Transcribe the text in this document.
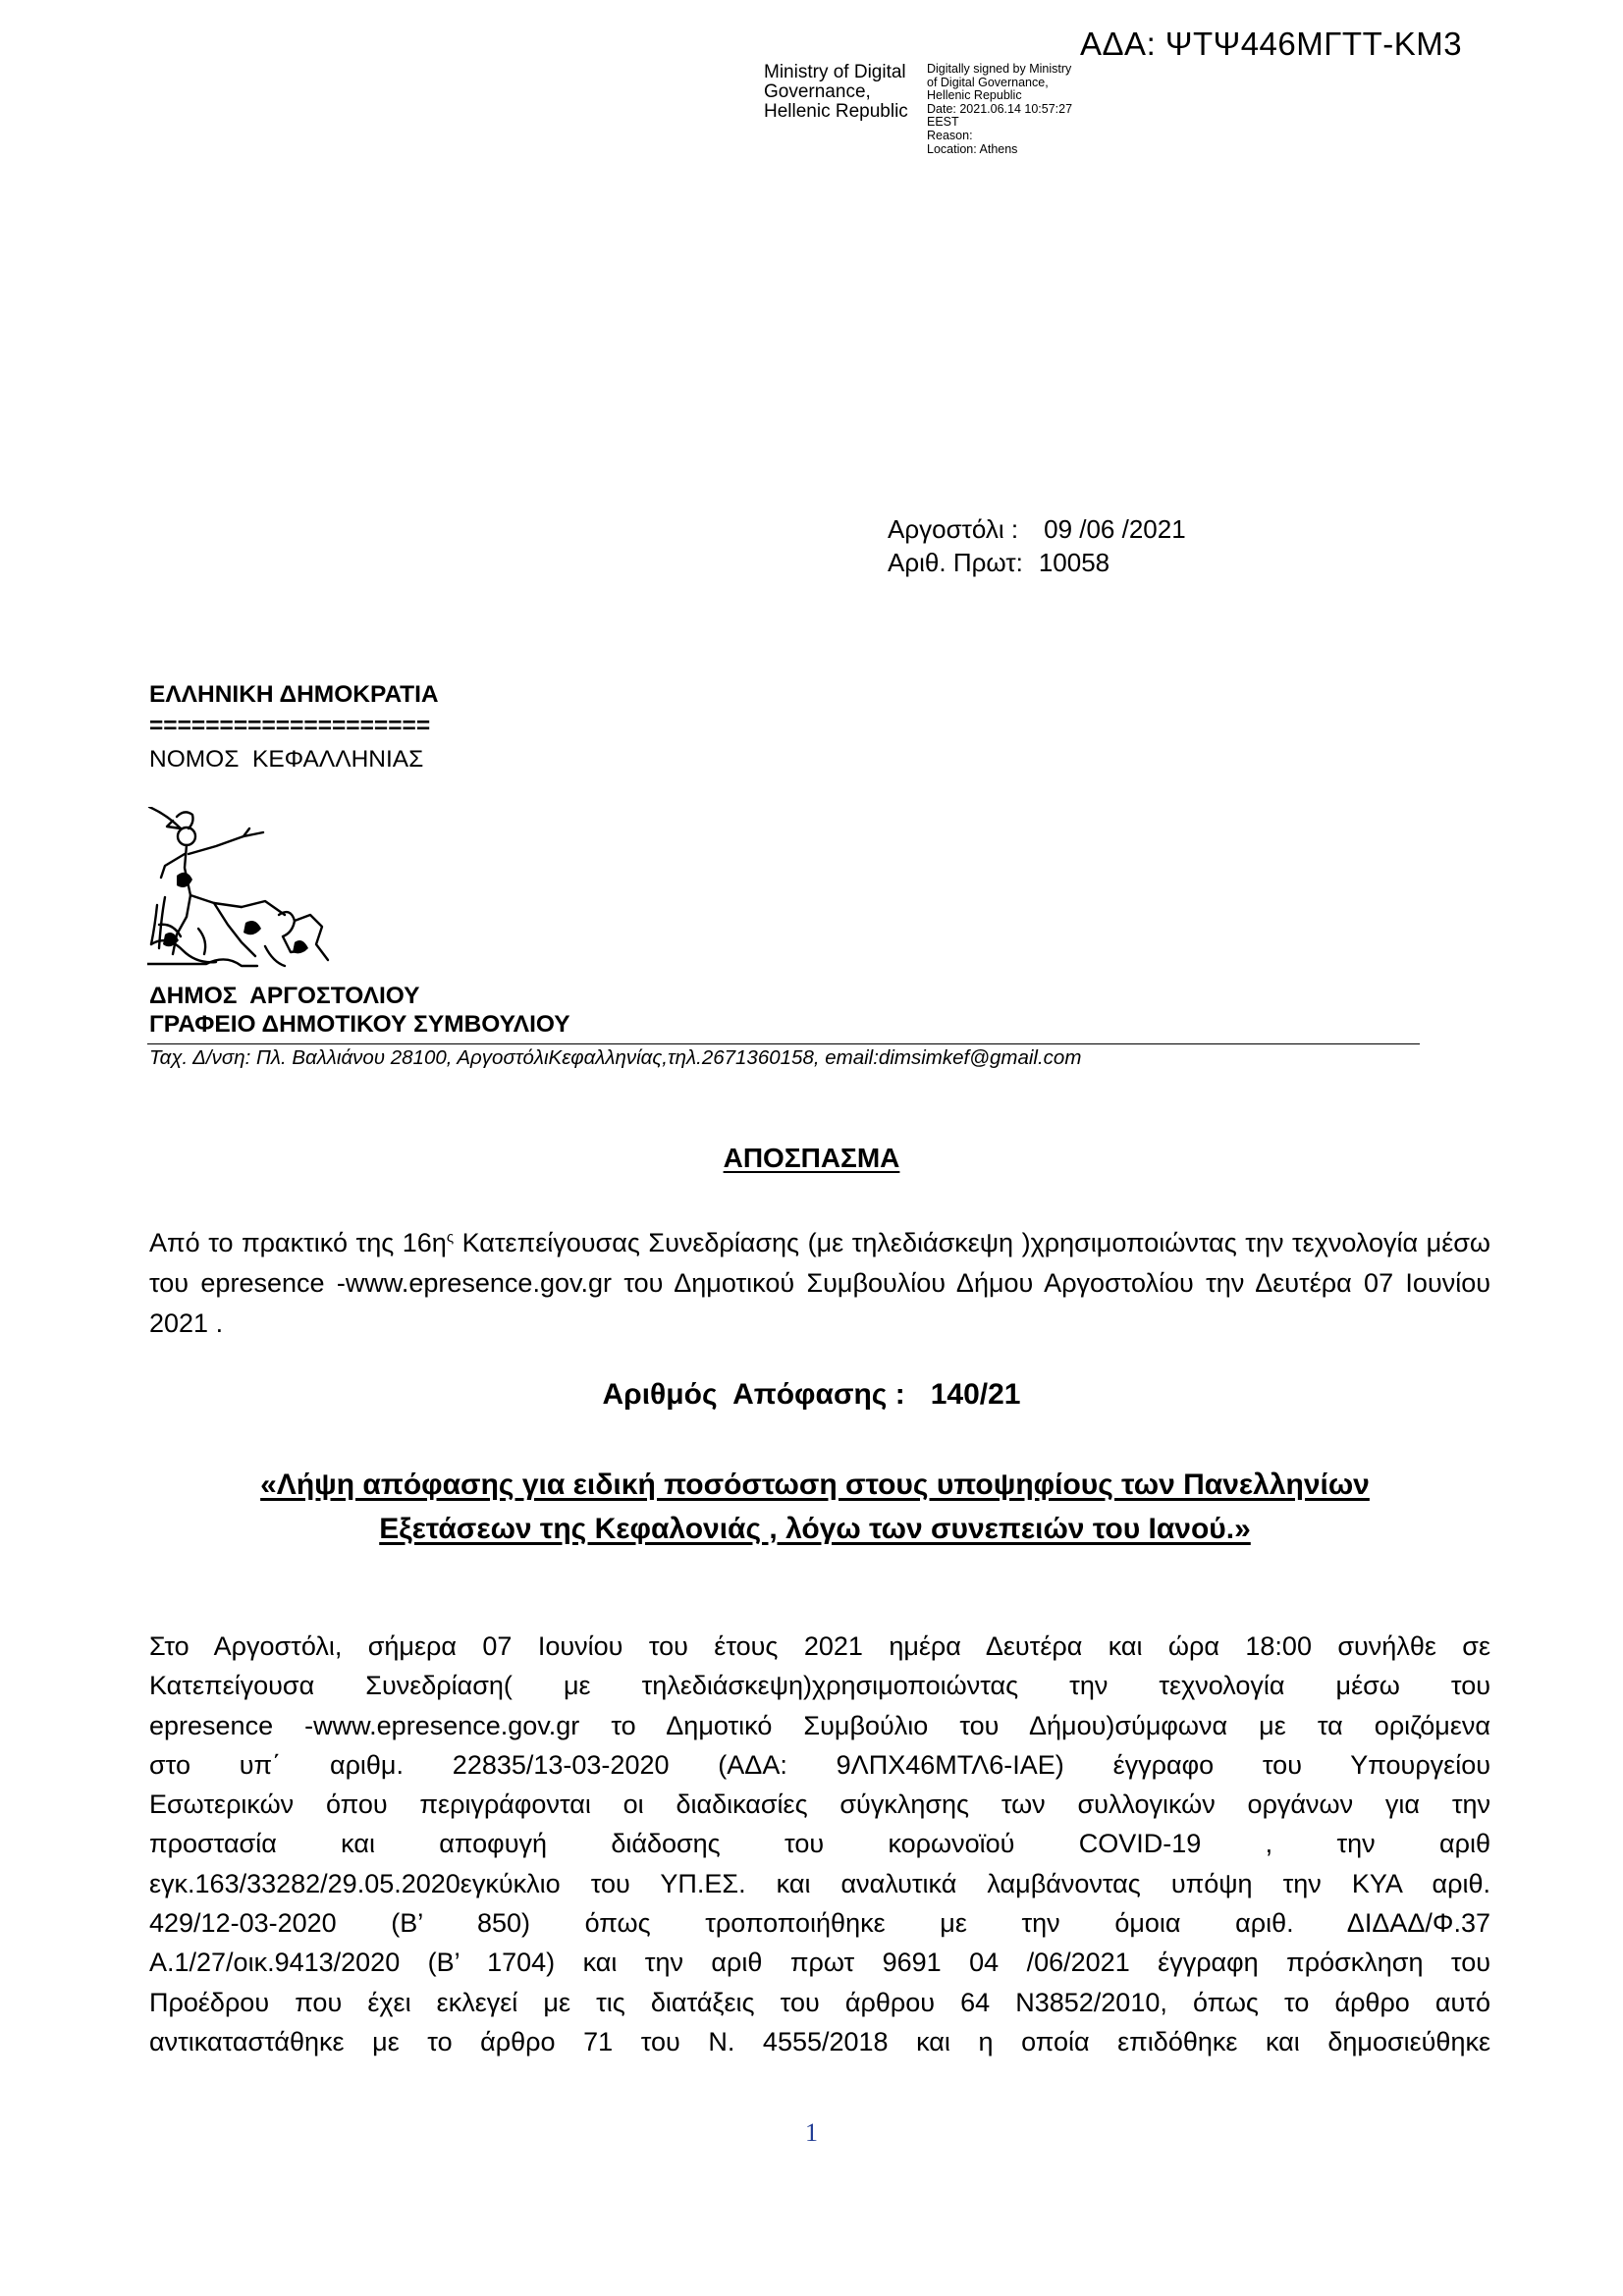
ΑΔΑ: ΨΤΨ446ΜΓΤΤ-ΚΜ3
Ministry of Digital
Governance,
Hellenic Republic
Digitally signed by Ministry
of Digital Governance,
Hellenic Republic
Date: 2021.06.14 10:57:27
EEST
Reason:
Location: Athens
Αργοστόλι : 09 /06 /2021
Αριθ. Πρωτ: 10058
ΕΛΛΗΝΙΚΗ ΔΗΜΟΚΡΑΤΙΑ
====================
ΝΟΜΟΣ  ΚΕΦΑΛΛΗΝΙΑΣ
ΔΗΜΟΣ  ΑΡΓΟΣΤΟΛΙΟΥ
ΓΡΑΦΕΙΟ ΔΗΜΟΤΙΚΟΥ ΣΥΜΒΟΥΛΙΟΥ
Ταχ. Δ/νση: Πλ. Βαλλιάνου 28100, ΑργοστόλιΚεφαλληνίας,τηλ.2671360158, email:dimsimkef@gmail.com
ΑΠΟΣΠΑΣΜΑ
Από το πρακτικό της $16\eta^\varsigma$ Κατεπείγουσας Συνεδρίασης (με τηλεδιάσκεψη )χρησιμοποιώντας την τεχνολογία μέσω του epresence -www.epresence.gov.gr του Δημοτικού Συμβουλίου Δήμου Αργοστολίου την Δευτέρα 07 Ιουνίου 2021 .
Αριθμός  Απόφασης : 140/21
«Λήψη απόφασης για ειδική ποσόστωση στους υποψηφίους των Πανελληνίων
Εξετάσεων της Κεφαλονιάς , λόγω των συνεπειών του Ιανού.»
Στο Αργοστόλι, σήμερα 07 Ιουνίου του έτους 2021 ημέρα Δευτέρα και ώρα 18:00 συνήλθε σε
Κατεπείγουσα Συνεδρίαση( με τηλεδιάσκεψη)χρησιμοποιώντας την τεχνολογία μέσω του
epresence -www.epresence.gov.gr το Δημοτικό Συμβούλιο του Δήμου)σύμφωνα με τα οριζόμενα
στο υπ΄ αριθμ. 22835/13-03-2020 (ΑΔΑ: 9ΛΠΧ46ΜΤΛ6-ΙΑΕ) έγγραφο του Υπουργείου
Εσωτερικών όπου περιγράφονται οι διαδικασίες σύγκλησης των συλλογικών οργάνων για την
προστασία και αποφυγή διάδοσης του κορωνοϊού COVID-19 , την αριθ
εγκ.163/33282/29.05.2020εγκύκλιο του ΥΠ.ΕΣ. και αναλυτικά λαμβάνοντας υπόψη την ΚΥΑ αριθ.
429/12-03-2020 (Β’ 850) όπως τροποποιήθηκε με την όμοια αριθ. ΔΙΔΑΔ/Φ.37
Α.1/27/οικ.9413/2020 (Β’ 1704) και την αριθ πρωτ 9691 04 /06/2021 έγγραφη πρόσκληση του
Προέδρου που έχει εκλεγεί με τις διατάξεις του άρθρου 64 Ν3852/2010, όπως το άρθρο αυτό
αντικαταστάθηκε με το άρθρο 71 του Ν. 4555/2018 και η οποία επιδόθηκε και δημοσιεύθηκε
1
